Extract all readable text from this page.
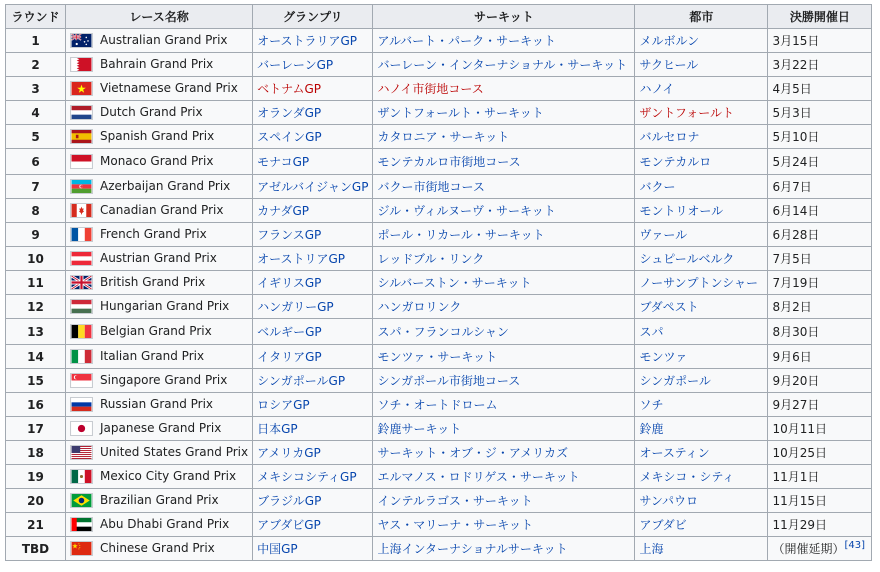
ラウンド	レース名称	グランプリ	サーキット	都市	決勝開催日
1	Australian Grand Prix	オーストラリアGP	アルバート・パーク・サーキット	メルボルン	3月15日
2	Bahrain Grand Prix	バーレーンGP	バーレーン・インターナショナル・サーキット	サクヒール	3月22日
3	Vietnamese Grand Prix	ベトナムGP	ハノイ市街地コース	ハノイ	4月5日
4	Dutch Grand Prix	オランダGP	ザントフォールト・サーキット	ザントフォールト	5月3日
5	Spanish Grand Prix	スペインGP	カタロニア・サーキット	バルセロナ	5月10日
6	Monaco Grand Prix	モナコGP	モンテカルロ市街地コース	モンテカルロ	5月24日
7	Azerbaijan Grand Prix	アゼルバイジャンGP	バクー市街地コース	バクー	6月7日
8	Canadian Grand Prix	カナダGP	ジル・ヴィルヌーヴ・サーキット	モントリオール	6月14日
9	French Grand Prix	フランスGP	ポール・リカール・サーキット	ヴァール	6月28日
10	Austrian Grand Prix	オーストリアGP	レッドブル・リンク	シュピールベルク	7月5日
11	British Grand Prix	イギリスGP	シルバーストン・サーキット	ノーサンプトンシャー	7月19日
12	Hungarian Grand Prix	ハンガリーGP	ハンガロリンク	ブダペスト	8月2日
13	Belgian Grand Prix	ベルギーGP	スパ・フランコルシャン	スパ	8月30日
14	Italian Grand Prix	イタリアGP	モンツァ・サーキット	モンツァ	9月6日
15	Singapore Grand Prix	シンガポールGP	シンガポール市街地コース	シンガポール	9月20日
16	Russian Grand Prix	ロシアGP	ソチ・オートドローム	ソチ	9月27日
17	Japanese Grand Prix	日本GP	鈴鹿サーキット	鈴鹿	10月11日
18	United States Grand Prix	アメリカGP	サーキット・オブ・ジ・アメリカズ	オースティン	10月25日
19	Mexico City Grand Prix	メキシコシティGP	エルマノス・ロドリゲス・サーキット	メキシコ・シティ	11月1日
20	Brazilian Grand Prix	ブラジルGP	インテルラゴス・サーキット	サンパウロ	11月15日
21	Abu Dhabi Grand Prix	アブダビGP	ヤス・マリーナ・サーキット	アブダビ	11月29日
TBD	Chinese Grand Prix	中国GP	上海インターナショナルサーキット	上海	（開催延期）[43]
